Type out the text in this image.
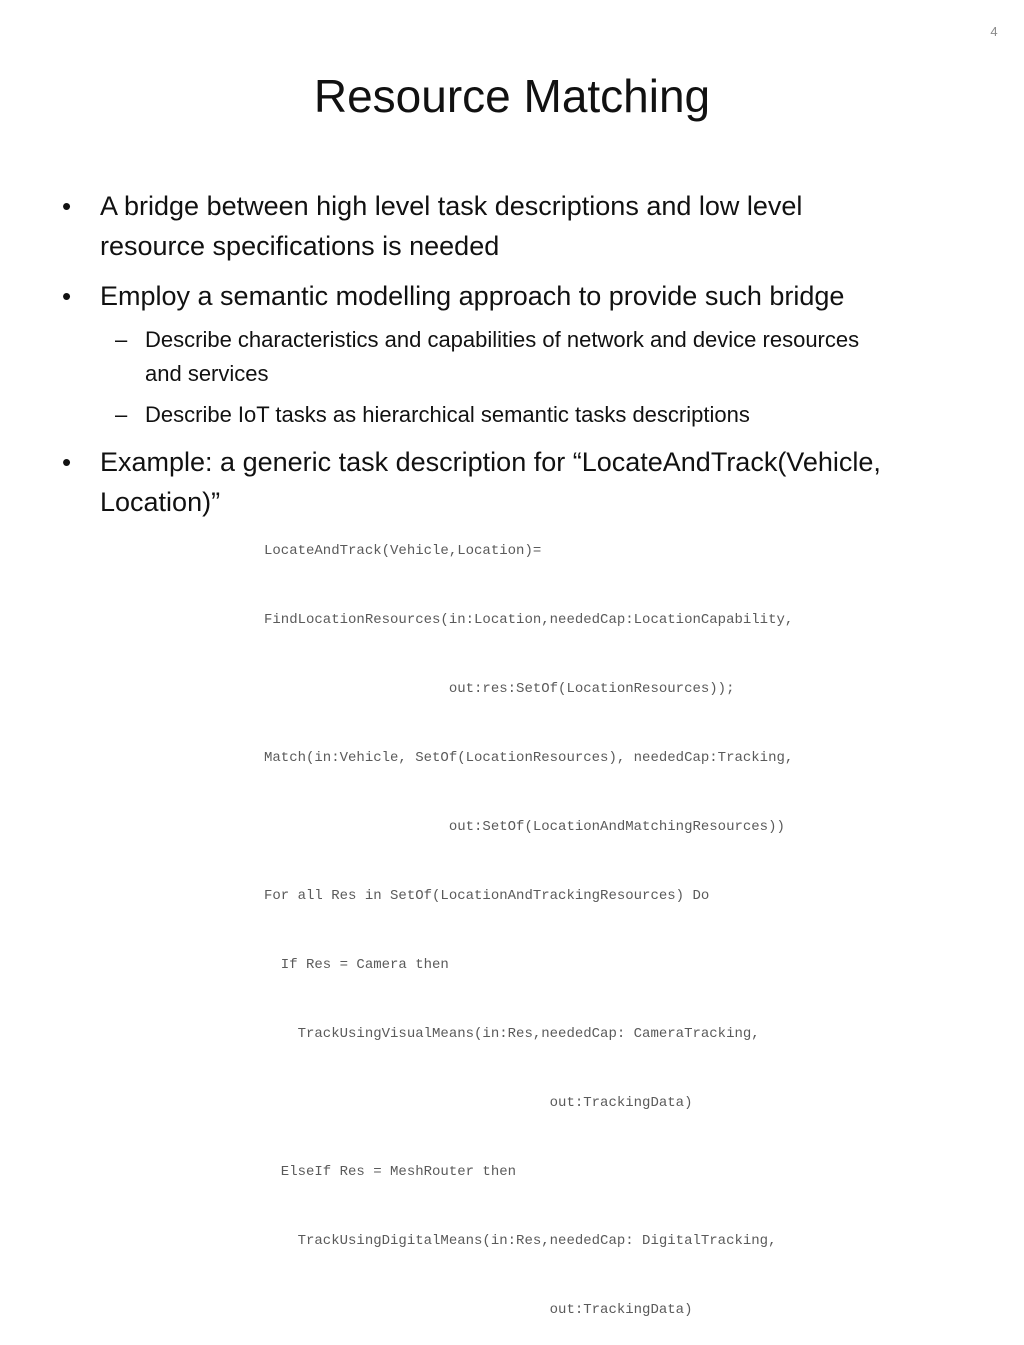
4
Resource Matching
• A bridge between high level task descriptions and low level
resource specifications is needed
• Employ a semantic modelling approach to provide such bridge
– Describe characteristics and capabilities of network and device resources
and services
– Describe IoT tasks as hierarchical semantic tasks descriptions
• Example: a generic task description for “LocateAndTrack(Vehicle,
Location)”

LocateAndTrack(Vehicle,Location)=

FindLocationResources(in:Location,neededCap:LocationCapability,

out:res:SetOf(LocationResources));

Match(in:Vehicle, SetOf(LocationResources), neededCap:Tracking,

out:SetOf(LocationAndMatchingResources))

For all Res in SetOf(LocationAndTrackingResources) Do

If Res = Camera then

TrackUsingVisualMeans(in:Res,neededCap: CameraTracking,

out:TrackingData)

ElseIf Res = MeshRouter then

TrackUsingDigitalMeans(in:Res,neededCap: DigitalTracking,

out:TrackingData)
